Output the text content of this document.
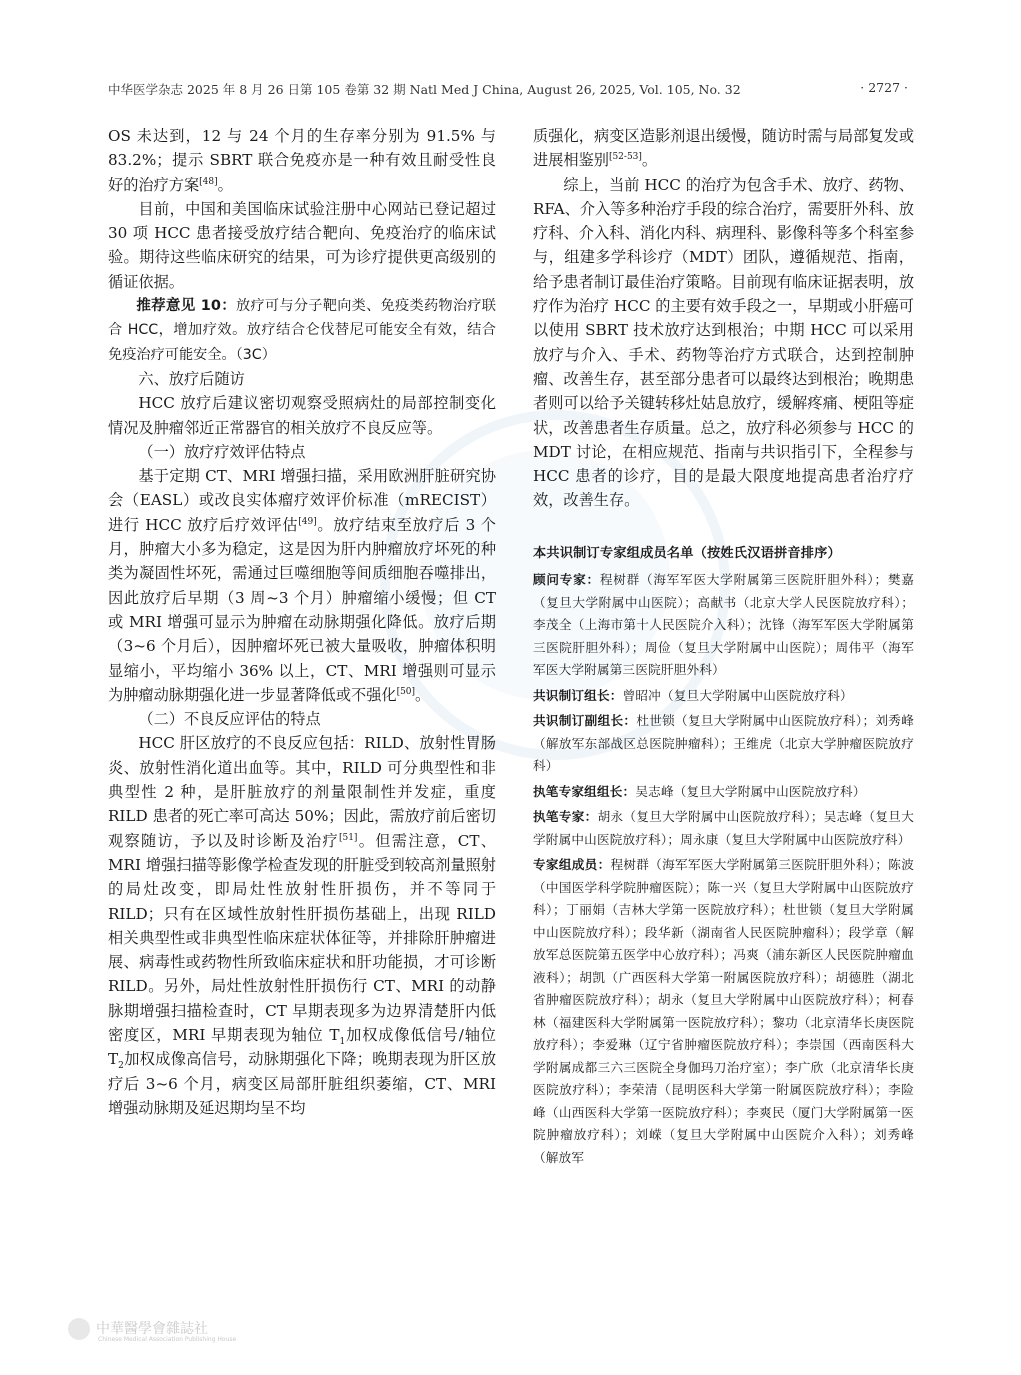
中华医学杂志 2025 年 8 月 26 日第 105 卷第 32 期 Natl Med J China, August 26, 2025, Vol. 105, No. 32	· 2727 ·

OS 未达到，12 与 24 个月的生存率分别为 91.5% 与 83.2%；提示 SBRT 联合免疫亦是一种有效且耐受性良好的治疗方案[48]。

目前，中国和美国临床试验注册中心网站已登记超过 30 项 HCC 患者接受放疗结合靶向、免疫治疗的临床试验。期待这些临床研究的结果，可为诊疗提供更高级别的循证依据。

推荐意见 10：放疗可与分子靶向类、免疫类药物治疗联合 HCC，增加疗效。放疗结合仑伐替尼可能安全有效，结合免疫治疗可能安全。（3C）

六、放疗后随访

HCC 放疗后建议密切观察受照病灶的局部控制变化情况及肿瘤邻近正常器官的相关放疗不良反应等。

（一）放疗疗效评估特点

基于定期 CT、MRI 增强扫描，采用欧洲肝脏研究协会（EASL）或改良实体瘤疗效评价标准（mRECIST）进行 HCC 放疗后疗效评估[49]。放疗结束至放疗后 3 个月，肿瘤大小多为稳定，这是因为肝内肿瘤放疗坏死的种类为凝固性坏死，需通过巨噬细胞等间质细胞吞噬排出，因此放疗后早期（3 周~3 个月）肿瘤缩小缓慢；但 CT 或 MRI 增强可显示为肿瘤在动脉期强化降低。放疗后期（3~6 个月后），因肿瘤坏死已被大量吸收，肿瘤体积明显缩小，平均缩小 36% 以上，CT、MRI 增强则可显示为肿瘤动脉期强化进一步显著降低或不强化[50]。

（二）不良反应评估的特点

HCC 肝区放疗的不良反应包括：RILD、放射性胃肠炎、放射性消化道出血等。其中，RILD 可分典型性和非典型性 2 种，是肝脏放疗的剂量限制性并发症，重度 RILD 患者的死亡率可高达 50%；因此，需放疗前后密切观察随访，予以及时诊断及治疗[51]。但需注意，CT、MRI 增强扫描等影像学检查发现的肝脏受到较高剂量照射的局灶改变，即局灶性放射性肝损伤，并不等同于 RILD；只有在区域性放射性肝损伤基础上，出现 RILD 相关典型性或非典型性临床症状体征等，并排除肝肿瘤进展、病毒性或药物性所致临床症状和肝功能损，才可诊断 RILD。另外，局灶性放射性肝损伤行 CT、MRI 的动静脉期增强扫描检查时，CT 早期表现多为边界清楚肝内低密度区，MRI 早期表现为轴位 $T_1$加权成像低信号/轴位 $T_2$加权成像高信号，动脉期强化下降；晚期表现为肝区放疗后 3~6 个月，病变区局部肝脏组织萎缩，CT、MRI 增强动脉期及延迟期均呈不均

质强化，病变区造影剂退出缓慢，随访时需与局部复发或进展相鉴别[52-53]。

综上，当前 HCC 的治疗为包含手术、放疗、药物、RFA、介入等多种治疗手段的综合治疗，需要肝外科、放疗科、介入科、消化内科、病理科、影像科等多个科室参与，组建多学科诊疗（MDT）团队，遵循规范、指南，给予患者制订最佳治疗策略。目前现有临床证据表明，放疗作为治疗 HCC 的主要有效手段之一，早期或小肝癌可以使用 SBRT 技术放疗达到根治；中期 HCC 可以采用放疗与介入、手术、药物等治疗方式联合，达到控制肿瘤、改善生存，甚至部分患者可以最终达到根治；晚期患者则可以给予关键转移灶姑息放疗，缓解疼痛、梗阻等症状，改善患者生存质量。总之，放疗科必须参与 HCC 的 MDT 讨论，在相应规范、指南与共识指引下，全程参与 HCC 患者的诊疗，目的是最大限度地提高患者治疗疗效，改善生存。

本共识制订专家组成员名单（按姓氏汉语拼音排序）

顾问专家：程树群（海军军医大学附属第三医院肝胆外科）；樊嘉（复旦大学附属中山医院）；高献书（北京大学人民医院放疗科）；李茂全（上海市第十人民医院介入科）；沈锋（海军军医大学附属第三医院肝胆外科）；周俭（复旦大学附属中山医院）；周伟平（海军军医大学附属第三医院肝胆外科）

共识制订组长：曾昭冲（复旦大学附属中山医院放疗科）

共识制订副组长：杜世锁（复旦大学附属中山医院放疗科）；刘秀峰（解放军东部战区总医院肿瘤科）；王维虎（北京大学肿瘤医院放疗科）

执笔专家组组长：吴志峰（复旦大学附属中山医院放疗科）

执笔专家：胡永（复旦大学附属中山医院放疗科）；吴志峰（复旦大学附属中山医院放疗科）；周永康（复旦大学附属中山医院放疗科）

专家组成员：程树群（海军军医大学附属第三医院肝胆外科）；陈波（中国医学科学院肿瘤医院）；陈一兴（复旦大学附属中山医院放疗科）；丁丽娟（吉林大学第一医院放疗科）；杜世锁（复旦大学附属中山医院放疗科）；段华新（湖南省人民医院肿瘤科）；段学章（解放军总医院第五医学中心放疗科）；冯爽（浦东新区人民医院肿瘤血液科）；胡凯（广西医科大学第一附属医院放疗科）；胡德胜（湖北省肿瘤医院放疗科）；胡永（复旦大学附属中山医院放疗科）；柯春林（福建医科大学附属第一医院放疗科）；黎功（北京清华长庚医院放疗科）；李爱琳（辽宁省肿瘤医院放疗科）；李崇国（西南医科大学附属成都三六三医院全身伽玛刀治疗室）；李广欣（北京清华长庚医院放疗科）；李荣清（昆明医科大学第一附属医院放疗科）；李险峰（山西医科大学第一医院放疗科）；李爽民（厦门大学附属第一医院肿瘤放疗科）；刘嵘（复旦大学附属中山医院介入科）；刘秀峰（解放军

中華醫學會雜誌社
Chinese Medical Association Publishing House
